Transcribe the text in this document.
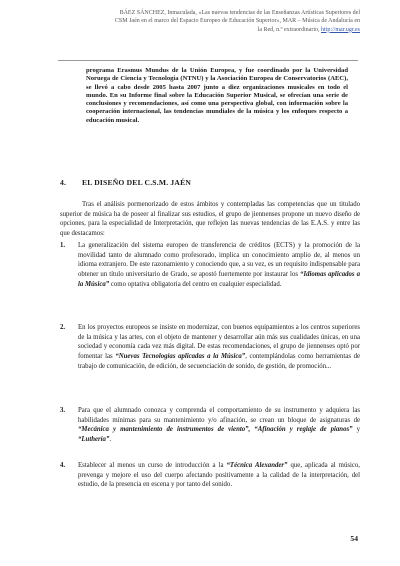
BÁEZ SÁNCHEZ, Inmaculada, «Las nuevas tendencias de las Enseñanzas Artísticas Superiores del
CSM Jaén en el marco del Espacio Europeo de Educación Superior», MAR – Música de Andalucía en
la Red, n.º extraordinario, http://mar.ugr.es
programa Erasmus Mundus de la Unión Europea, y fue coordinado por la Universidad Noruega de Ciencia y Tecnología (NTNU) y la Asociación Europea de Conservatorios (AEC), se llevó a cabo desde 2005 hasta 2007 junto a diez organizaciones musicales en todo el mundo. En su Informe final sobre la Educación Superior Musical, se ofrecían una serie de conclusiones y recomendaciones, así como una perspectiva global, con información sobre la cooperación internacional, las tendencias mundiales de la música y los enfoques respecto a educación musical.
4. EL DISEÑO DEL C.S.M. JAÉN
Tras el análisis pormenorizado de estos ámbitos y contempladas las competencias que un titulado superior de música ha de poseer al finalizar sus estudios, el grupo de jiennenses propone un nuevo diseño de opciones, para la especialidad de Interpretación, que reflejen las nuevas tendencias de las E.A.S. y entre las que destacamos:
1. La generalización del sistema europeo de transferencia de créditos (ECTS) y la promoción de la movilidad tanto de alumnado como profesorado, implica un conocimiento amplio de, al menos un idioma extranjero. De este razonamiento y conociendo que, a su vez, es un requisito indispensable para obtener un título universitario de Grado, se apostó fuertemente por instaurar los “Idiomas aplicados a la Música” como optativa obligatoria del centro en cualquier especialidad.
2. En los proyectos europeos se insiste en modernizar, con buenos equipamientos a los centros superiores de la música y las artes, con el objeto de mantener y desarrollar aún más sus cualidades únicas, en una sociedad y economía cada vez más digital. De estas recomendaciones, el grupo de jiennenses optó por fomentar las “Nuevas Tecnologías aplicadas a la Música”, contemplándolas como herramientas de trabajo de comunicación, de edición, de secuenciación de sonido, de gestión, de promoción...
3. Para que el alumnado conozca y comprenda el comportamiento de su instrumento y adquiera las habilidades mínimas para su mantenimiento y/o afinación, se crean un bloque de asignaturas de “Mecánica y mantenimiento de instrumentos de viento”, “Afinación y reglaje de pianos” y “Luthería”.
4. Establecer al menos un curso de introducción a la “Técnica Alexander” que, aplicada al músico, prevenga y mejore el uso del cuerpo afectando positivamente a la calidad de la interpretación, del estudio, de la presencia en escena y por tanto del sonido.
54
